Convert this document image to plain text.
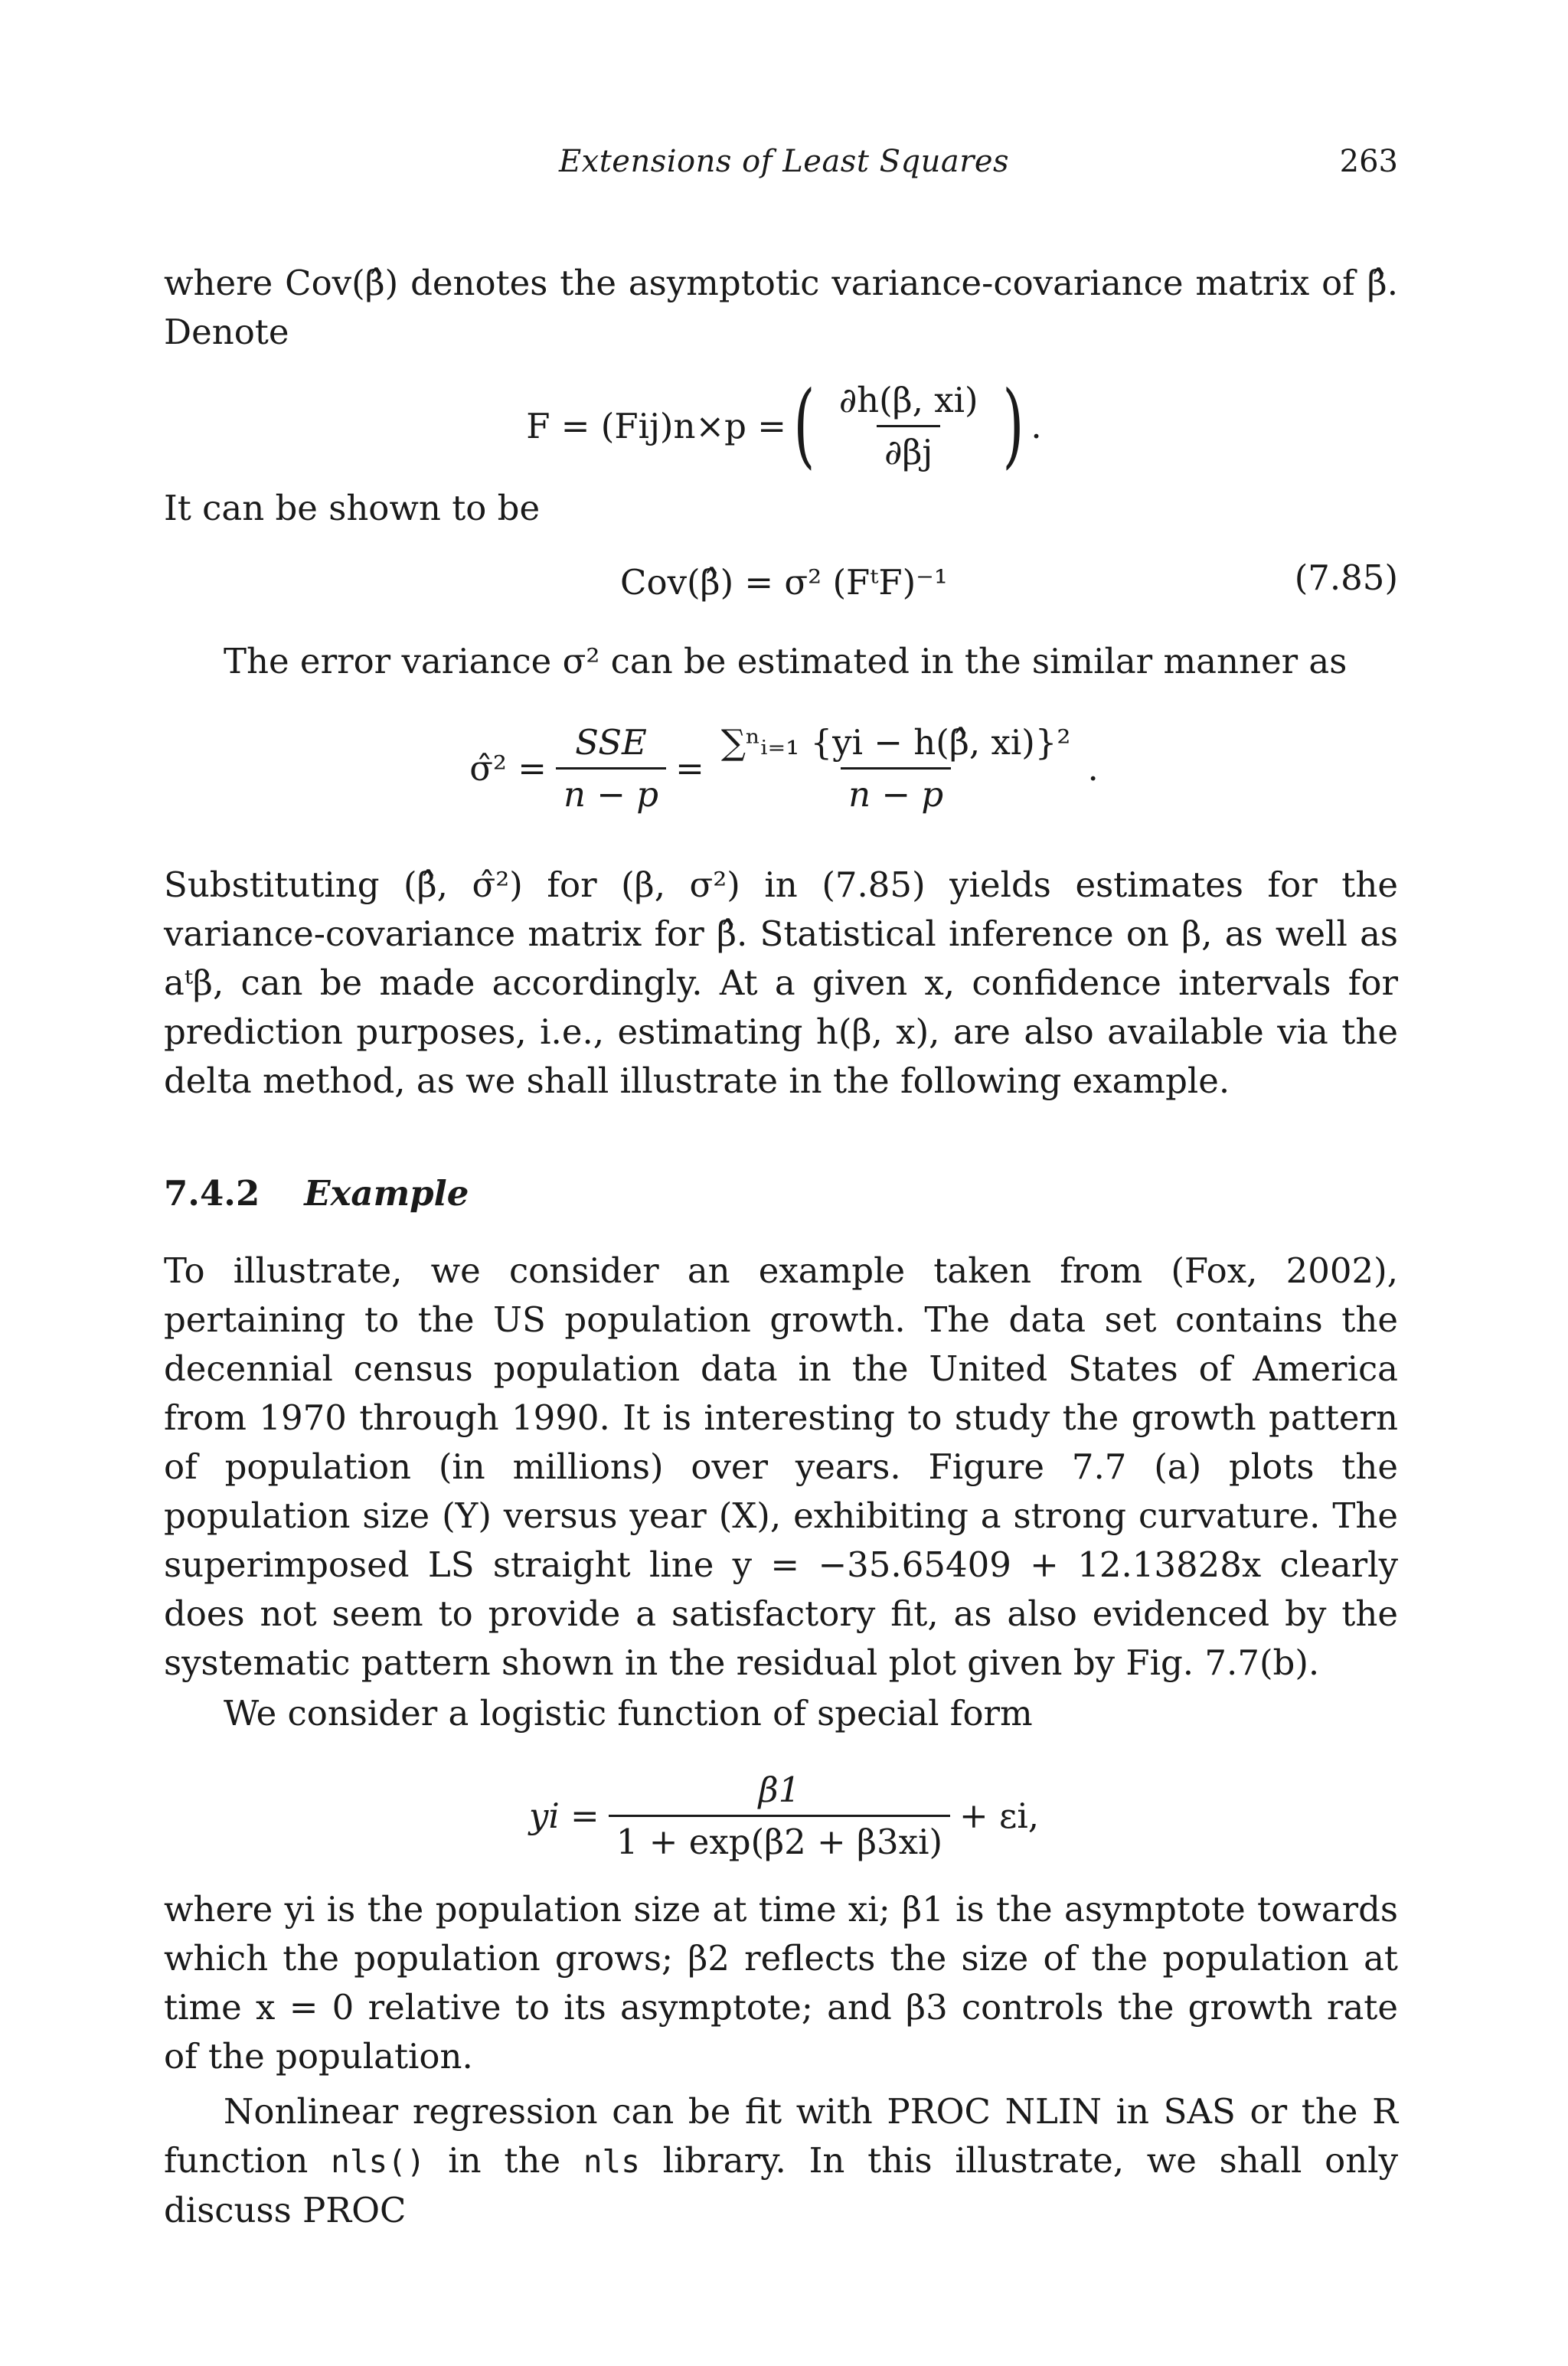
Extensions of Least Squares	263
where Cov(β̂) denotes the asymptotic variance-covariance matrix of β̂. Denote
F = (Fij)n×p = ( $\frac{\partial h(\beta, xi)}{\partial\beta j}$ ) .
It can be shown to be
Cov(β̂) = σ² (FᵗF)⁻¹	(7.85)
The error variance σ² can be estimated in the similar manner as
σ̂² = $\frac{\text{SSE}}{n - p} = \frac{\text{∑ⁿᵢ₌₁ \{yi − h(β̂, xi)\}²}}{n - p}$ .
Substituting (β̂, σ̂²) for (β, σ²) in (7.85) yields estimates for the variance-covariance matrix for β̂. Statistical inference on β, as well as aᵗβ, can be made accordingly. At a given x, confidence intervals for prediction purposes, i.e., estimating h(β, x), are also available via the delta method, as we shall illustrate in the following example.
7.4.2 Example
To illustrate, we consider an example taken from (Fox, 2002), pertaining to the US population growth. The data set contains the decennial census population data in the United States of America from 1970 through 1990. It is interesting to study the growth pattern of population (in millions) over years. Figure 7.7 (a) plots the population size (Y) versus year (X), exhibiting a strong curvature. The superimposed LS straight line y = −35.65409 + 12.13828x clearly does not seem to provide a satisfactory fit, as also evidenced by the systematic pattern shown in the residual plot given by Fig. 7.7(b).
We consider a logistic function of special form
yi = $\frac{\beta 1}{1 + \exp(\beta 2 + \beta 3xi)} + \varepsilon i$,
where yi is the population size at time xi; β1 is the asymptote towards which the population grows; β2 reflects the size of the population at time x = 0 relative to its asymptote; and β3 controls the growth rate of the population.
Nonlinear regression can be fit with PROC NLIN in SAS or the R function nls() in the nls library. In this illustrate, we shall only discuss PROC
